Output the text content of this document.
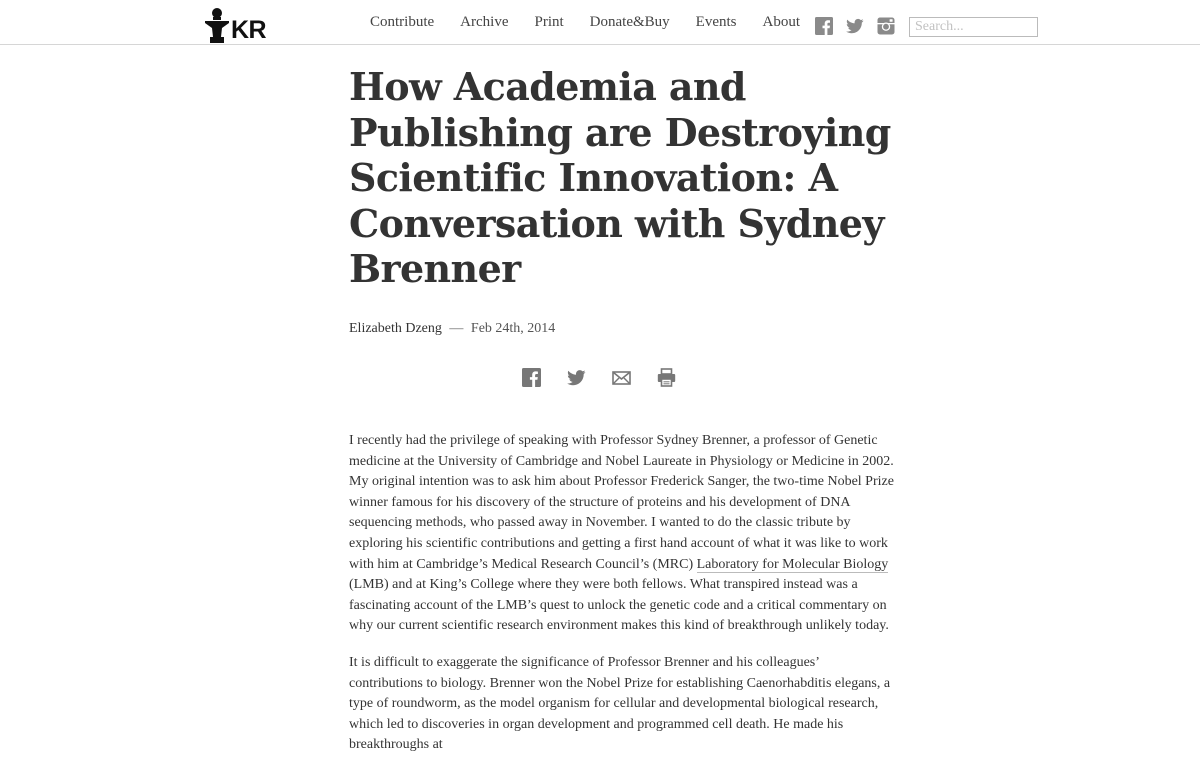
KR	Contribute Archive Print Donate&Buy Events About
Search...
How Academia and Publishing are Destroying Scientific Innovation: A Conversation with Sydney Brenner
Elizabeth Dzeng — Feb 24th, 2014

I recently had the privilege of speaking with Professor Sydney Brenner, a professor of Genetic medicine at the University of Cambridge and Nobel Laureate in Physiology or Medicine in 2002. My original intention was to ask him about Professor Frederick Sanger, the two-time Nobel Prize winner famous for his discovery of the structure of proteins and his development of DNA sequencing methods, who passed away in November. I wanted to do the classic tribute by exploring his scientific contributions and getting a first hand account of what it was like to work with him at Cambridge’s Medical Research Council’s (MRC) Laboratory for Molecular Biology (LMB) and at King’s College where they were both fellows. What transpired instead was a fascinating account of the LMB’s quest to unlock the genetic code and a critical commentary on why our current scientific research environment makes this kind of breakthrough unlikely today.

It is difficult to exaggerate the significance of Professor Brenner and his colleagues’ contributions to biology. Brenner won the Nobel Prize for establishing Caenorhabditis elegans, a type of roundworm, as the model organism for cellular and developmental biological research, which led to discoveries in organ development and programmed cell death. He made his breakthroughs at
